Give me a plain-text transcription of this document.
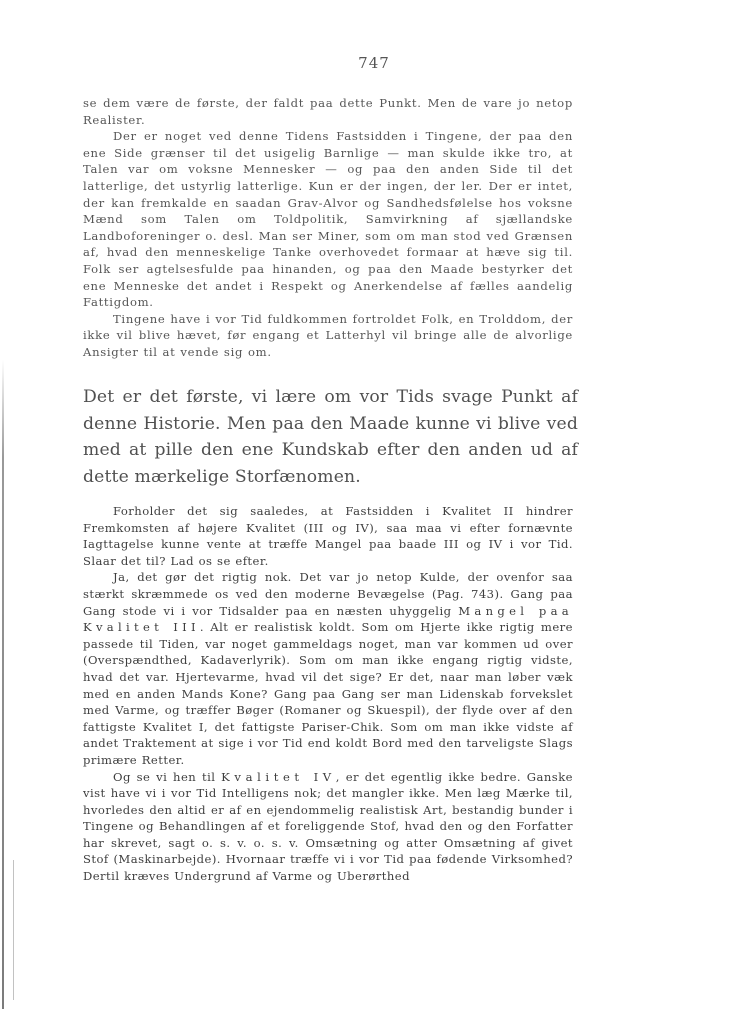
747

se dem være de første, der faldt paa dette Punkt. Men de vare jo netop Realister.

Der er noget ved denne Tidens Fastsidden i Tingene, der paa den ene Side grænser til det usigelig Barnlige — man skulde ikke tro, at Talen var om voksne Mennesker — og paa den anden Side til det latterlige, det ustyrlig latterlige. Kun er der ingen, der ler. Der er intet, der kan fremkalde en saadan Grav-Alvor og Sandhedsfølelse hos voksne Mænd som Talen om Toldpolitik, Samvirkning af sjællandske Landboforeninger o. desl. Man ser Miner, som om man stod ved Grænsen af, hvad den menneskelige Tanke overhovedet formaar at hæve sig til. Folk ser agtelsesfulde paa hinanden, og paa den Maade bestyrker det ene Menneske det andet i Respekt og Anerkendelse af fælles aandelig Fattigdom.

Tingene have i vor Tid fuldkommen fortroldet Folk, en Trolddom, der ikke vil blive hævet, før engang et Latterhyl vil bringe alle de alvorlige Ansigter til at vende sig om.

Det er det første, vi lære om vor Tids svage Punkt af denne Historie. Men paa den Maade kunne vi blive ved med at pille den ene Kundskab efter den anden ud af dette mærkelige Storfænomen.

Forholder det sig saaledes, at Fastsidden i Kvalitet II hindrer Fremkomsten af højere Kvalitet (III og IV), saa maa vi efter fornævnte Iagttagelse kunne vente at træffe Mangel paa baade III og IV i vor Tid. Slaar det til? Lad os se efter.

Ja, det gør det rigtig nok. Det var jo netop Kulde, der ovenfor saa stærkt skræmmede os ved den moderne Bevægelse (Pag. 743). Gang paa Gang stode vi i vor Tidsalder paa en næsten uhyggelig Mangel paa Kvalitet III. Alt er realistisk koldt. Som om Hjerte ikke rigtig mere passede til Tiden, var noget gammeldags noget, man var kommen ud over (Overspændthed, Kadaverlyrik). Som om man ikke engang rigtig vidste, hvad det var. Hjertevarme, hvad vil det sige? Er det, naar man løber væk med en anden Mands Kone? Gang paa Gang ser man Lidenskab forvekslet med Varme, og træffer Bøger (Romaner og Skuespil), der flyde over af den fattigste Kvalitet I, det fattigste Pariser-Chik. Som om man ikke vidste af andet Traktement at sige i vor Tid end koldt Bord med den tarveligste Slags primære Retter.

Og se vi hen til Kvalitet IV, er det egentlig ikke bedre. Ganske vist have vi i vor Tid Intelligens nok; det mangler ikke. Men læg Mærke til, hvorledes den altid er af en ejendommelig realistisk Art, bestandig bunder i Tingene og Behandlingen af et foreliggende Stof, hvad den og den Forfatter har skrevet, sagt o. s. v. o. s. v. Omsætning og atter Omsætning af givet Stof (Maskinarbejde). Hvornaar træffe vi i vor Tid paa fødende Virksomhed? Dertil kræves Undergrund af Varme og Uberørthed
